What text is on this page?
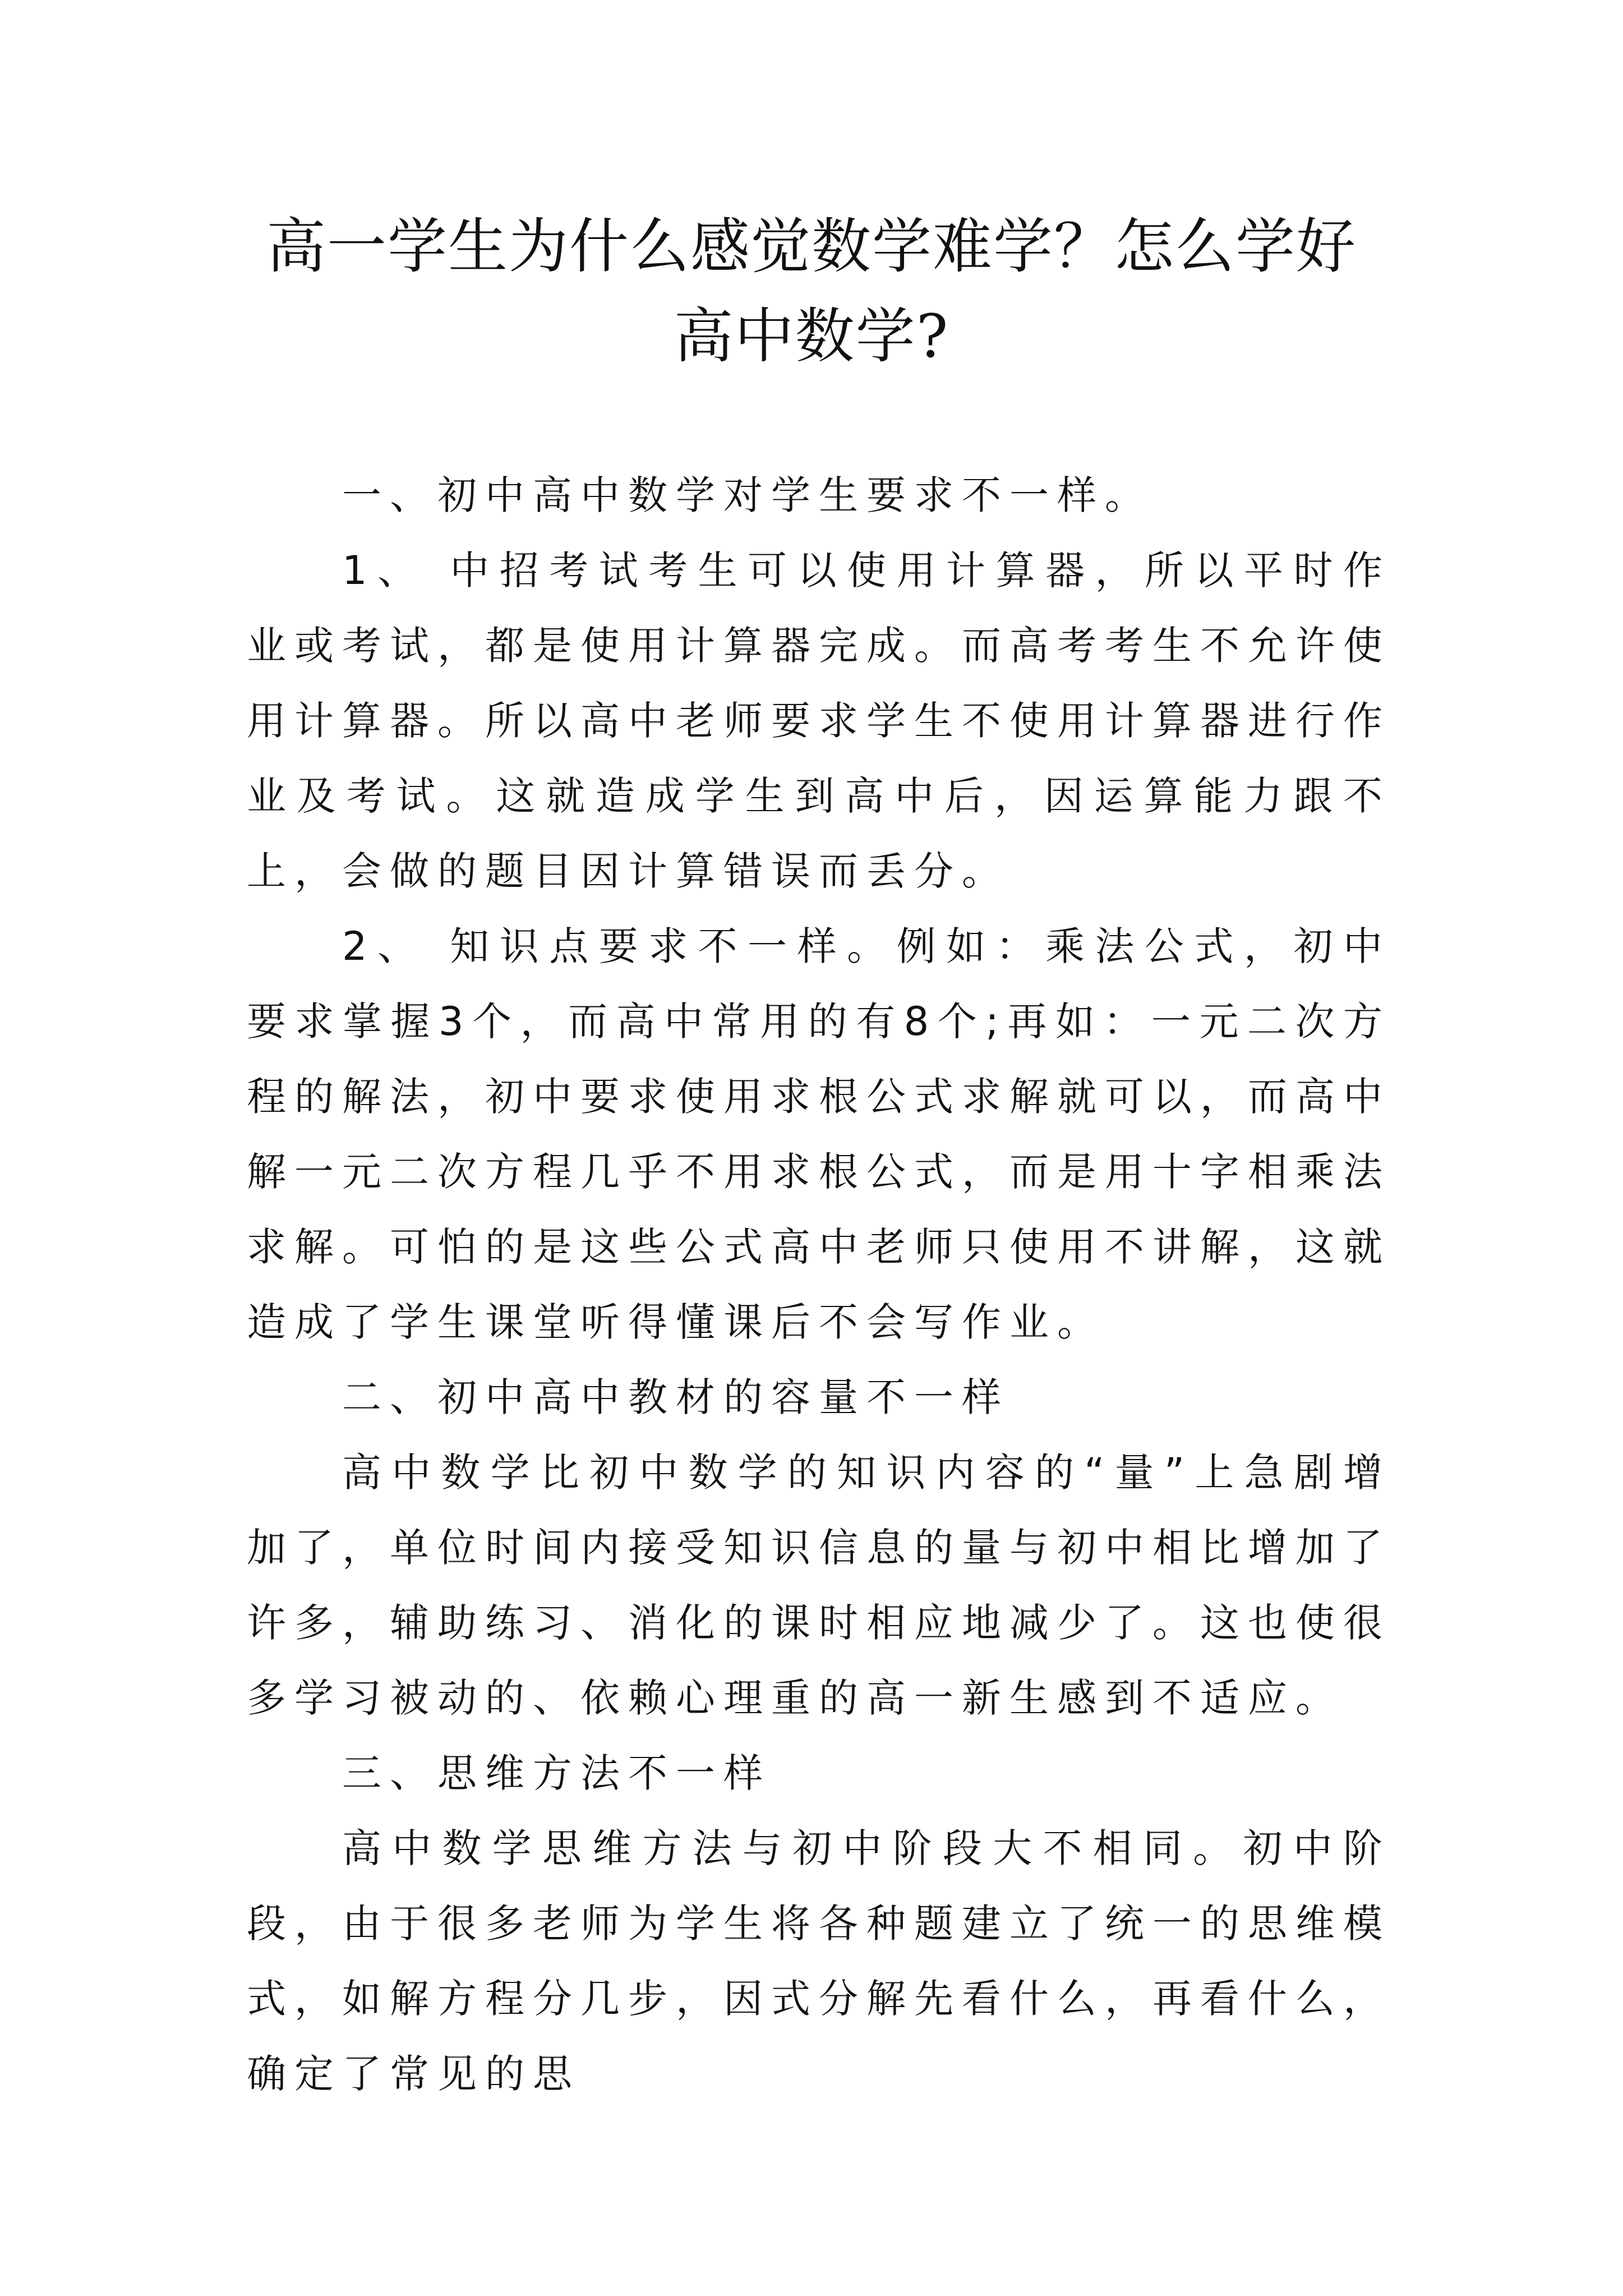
高一学生为什么感觉数学难学？怎么学好
高中数学?

一、初中高中数学对学生要求不一样。

1、 中招考试考生可以使用计算器，所以平时作业或考试，都是使用计算器完成。而高考考生不允许使用计算器。所以高中老师要求学生不使用计算器进行作业及考试。这就造成学生到高中后，因运算能力跟不上，会做的题目因计算错误而丢分。

2、 知识点要求不一样。例如：乘法公式，初中要求掌握3个，而高中常用的有8个;再如：一元二次方程的解法，初中要求使用求根公式求解就可以，而高中解一元二次方程几乎不用求根公式，而是用十字相乘法求解。可怕的是这些公式高中老师只使用不讲解，这就造成了学生课堂听得懂课后不会写作业。

二、初中高中教材的容量不一样

高中数学比初中数学的知识内容的“量”上急剧增加了，单位时间内接受知识信息的量与初中相比增加了许多，辅助练习、消化的课时相应地减少了。这也使很多学习被动的、依赖心理重的高一新生感到不适应。

三、思维方法不一样

高中数学思维方法与初中阶段大不相同。初中阶段，由于很多老师为学生将各种题建立了统一的思维模式，如解方程分几步，因式分解先看什么，再看什么，确定了常见的思
